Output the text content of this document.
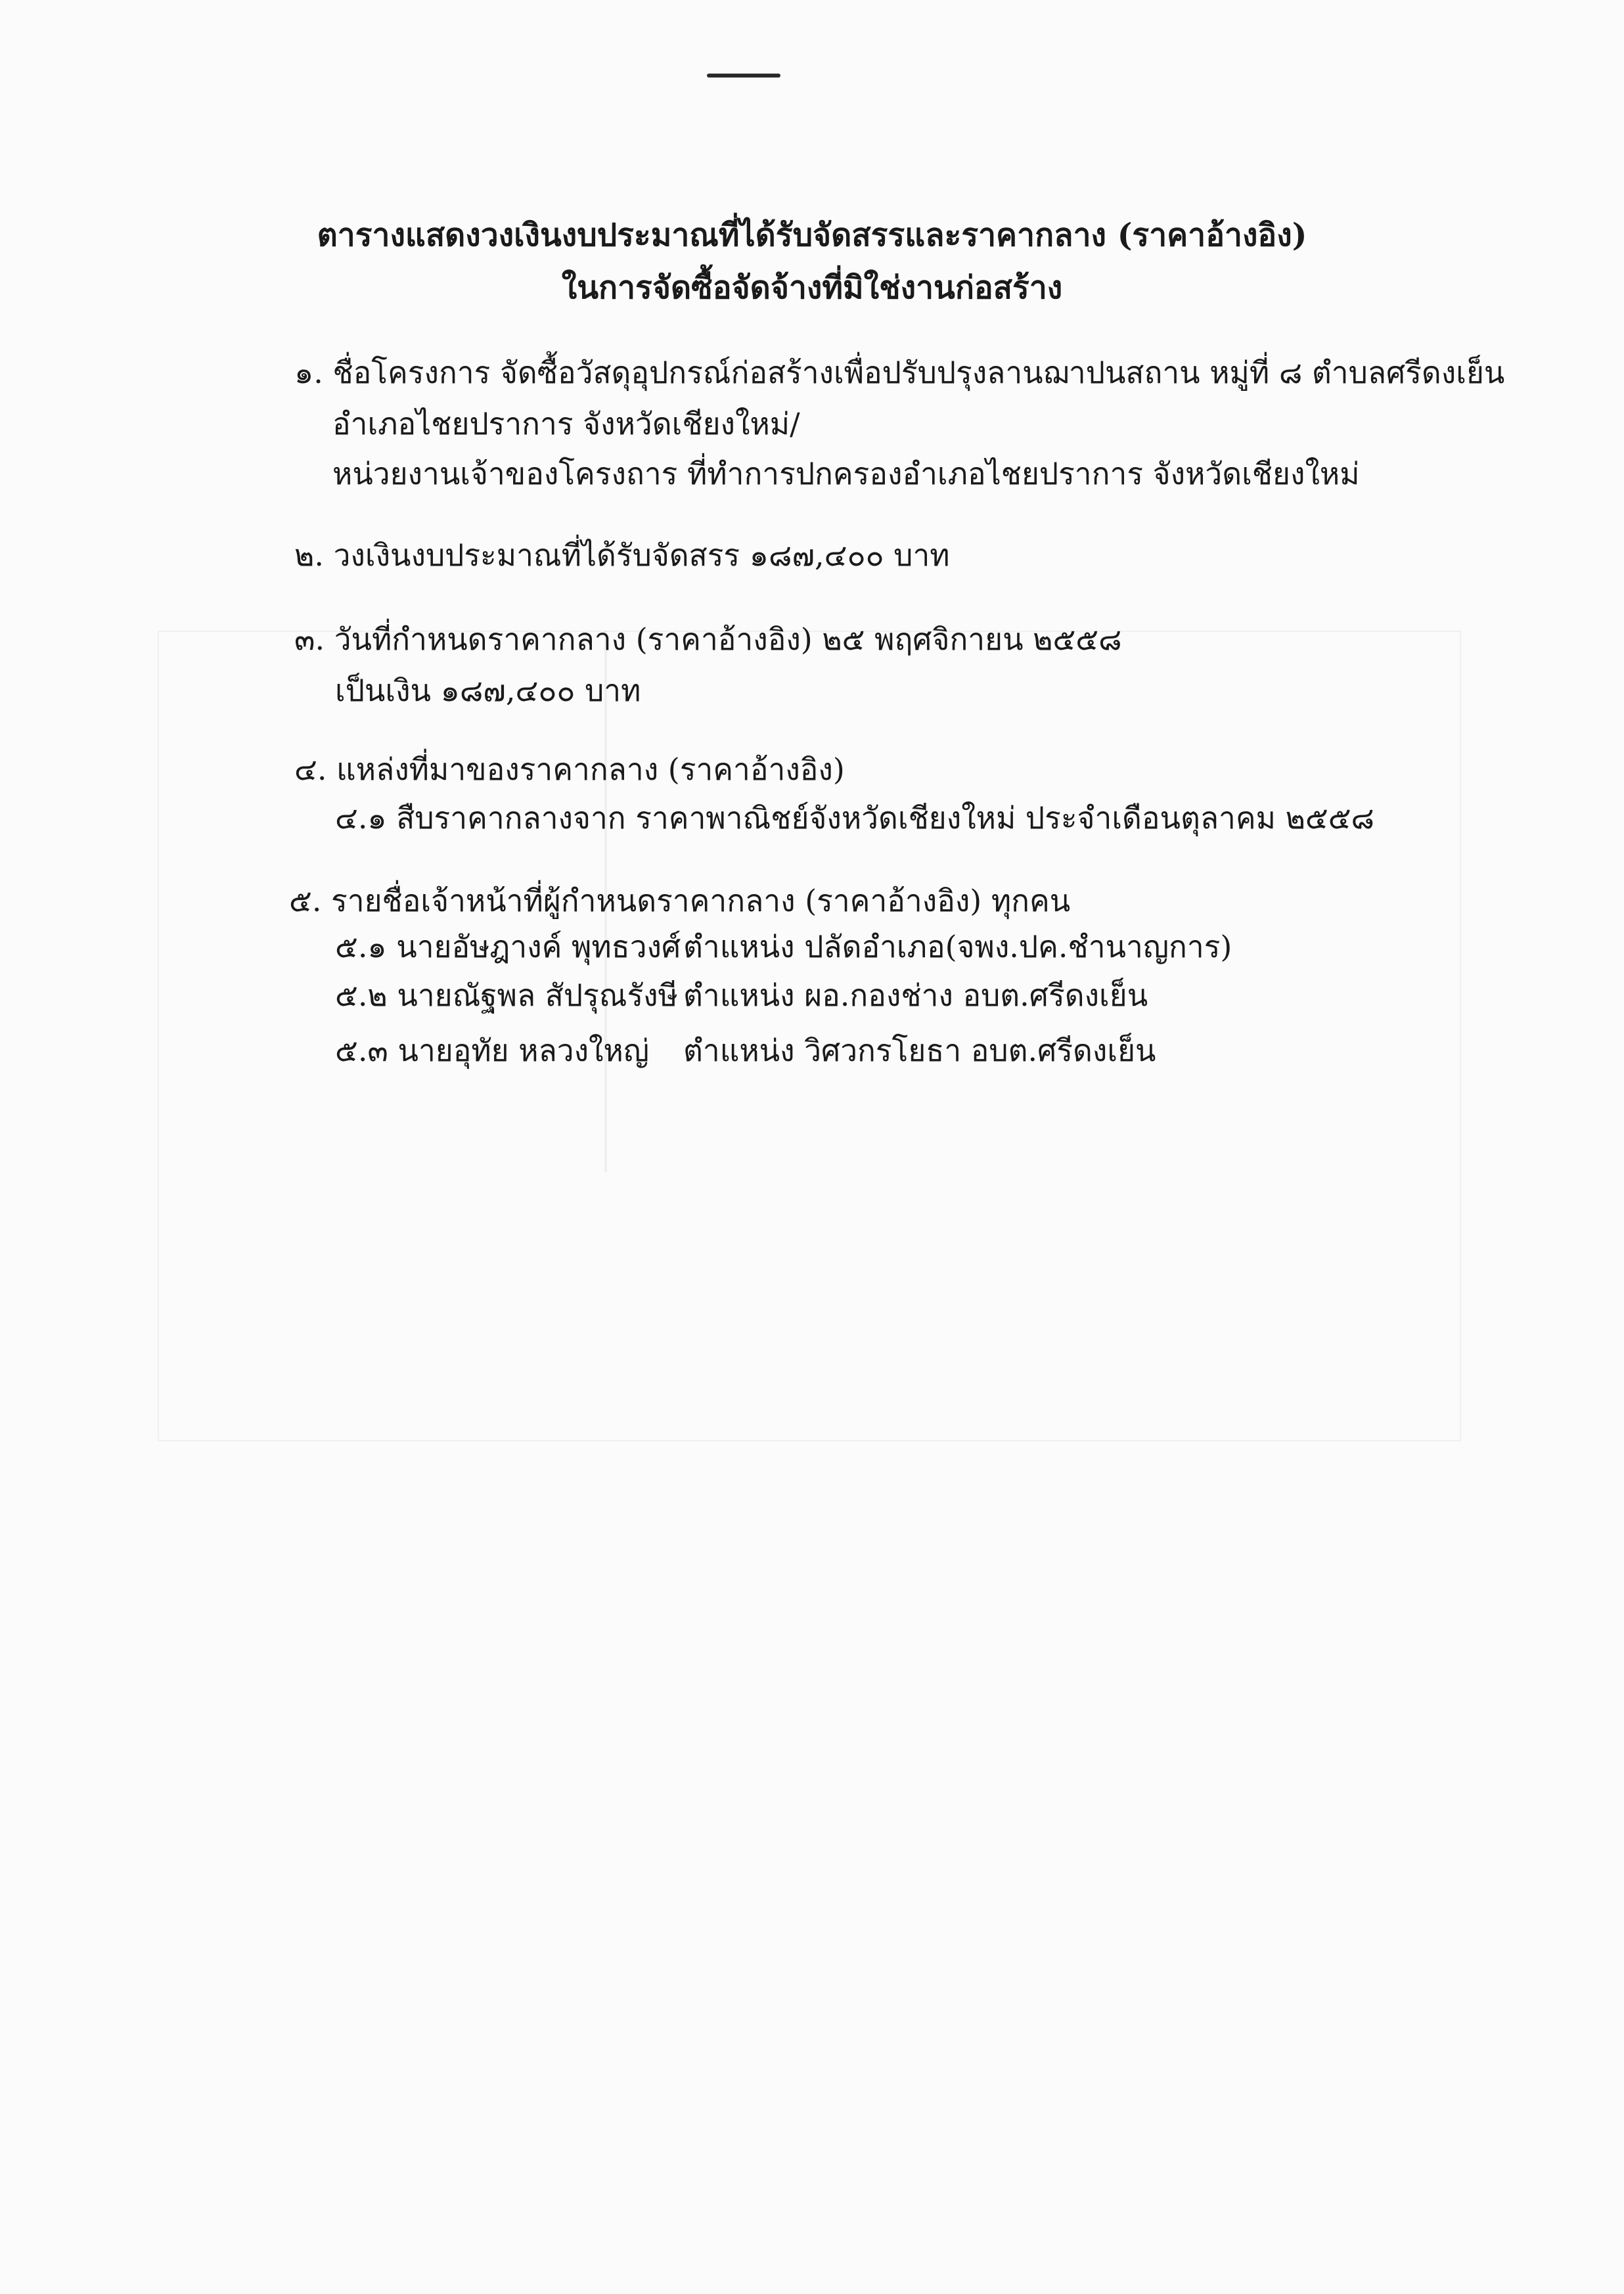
ตารางแสดงวงเงินงบประมาณที่ได้รับจัดสรรและราคากลาง (ราคาอ้างอิง)
ในการจัดซื้อจัดจ้างที่มิใช่งานก่อสร้าง
๑. ชื่อโครงการ จัดซื้อวัสดุอุปกรณ์ก่อสร้างเพื่อปรับปรุงลานฌาปนสถาน หมู่ที่ ๘ ตำบลศรีดงเย็น
อำเภอไชยปราการ จังหวัดเชียงใหม่/
หน่วยงานเจ้าของโครงถาร ที่ทำการปกครองอำเภอไชยปราการ จังหวัดเชียงใหม่
๒. วงเงินงบประมาณที่ได้รับจัดสรร ๑๘๗,๔๐๐ บาท
๓. วันที่กำหนดราคากลาง (ราคาอ้างอิง) ๒๕ พฤศจิกายน ๒๕๕๘
เป็นเงิน ๑๘๗,๔๐๐ บาท
๔. แหล่งที่มาของราคากลาง (ราคาอ้างอิง)
๔.๑ สืบราคากลางจาก ราคาพาณิชย์จังหวัดเชียงใหม่ ประจำเดือนตุลาคม ๒๕๕๘
๕. รายชื่อเจ้าหน้าที่ผู้กำหนดราคากลาง (ราคาอ้างอิง) ทุกคน
๕.๑ นายอัษฎางค์ พุทธวงศ์ ตำแหน่ง ปลัดอำเภอ(จพง.ปค.ชำนาญการ)
๕.๒ นายณัฐพล สัปรุณรังษี ตำแหน่ง ผอ.กองช่าง อบต.ศรีดงเย็น
๕.๓ นายอุทัย หลวงใหญ่ ตำแหน่ง วิศวกรโยธา อบต.ศรีดงเย็น
